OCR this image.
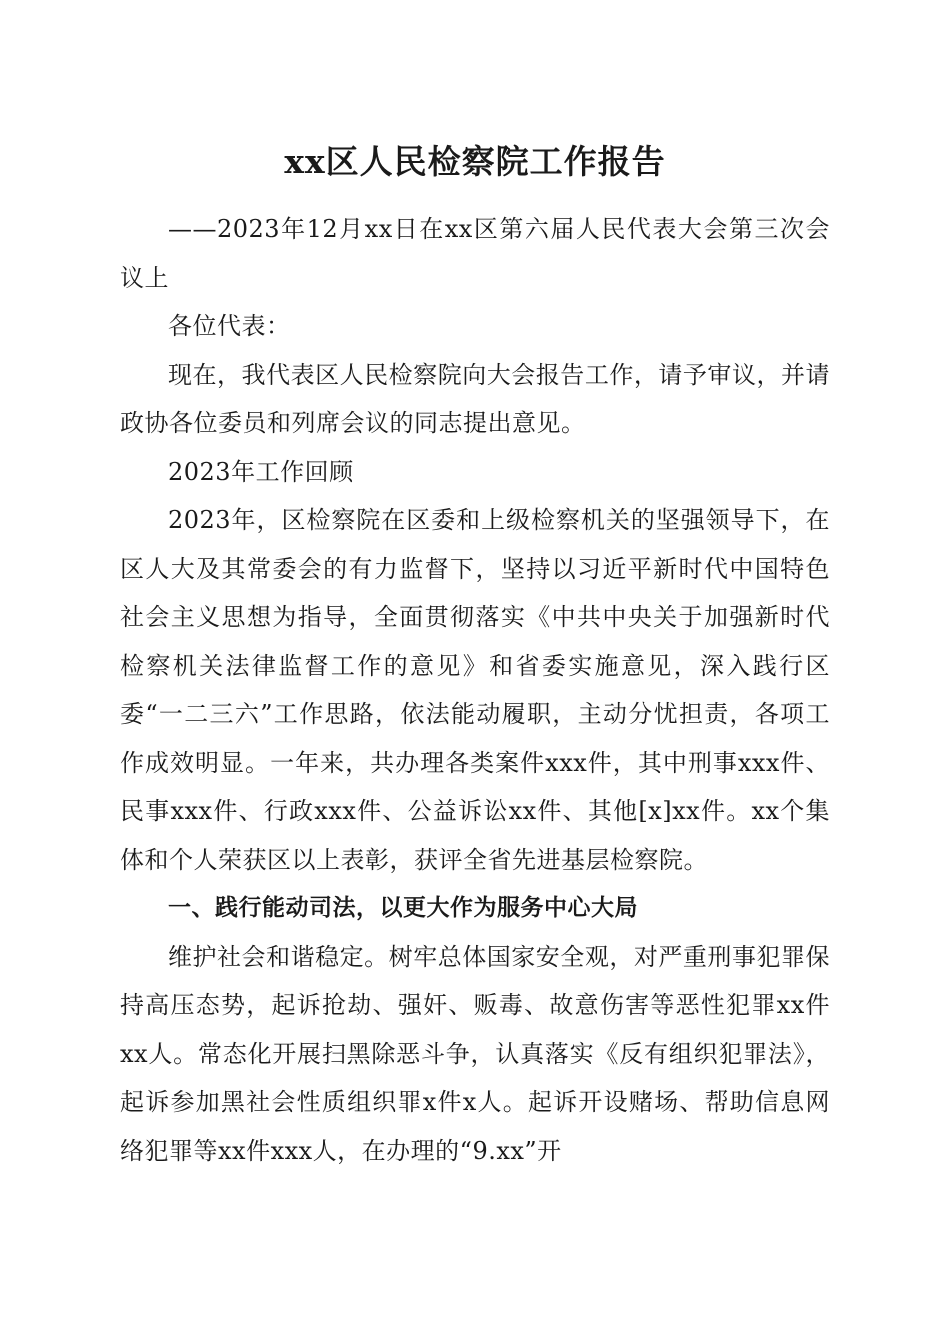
xx区人民检察院工作报告

——2023年12月xx日在xx区第六届人民代表大会第三次会议上

各位代表：

现在，我代表区人民检察院向大会报告工作，请予审议，并请政协各位委员和列席会议的同志提出意见。

2023年工作回顾

2023年，区检察院在区委和上级检察机关的坚强领导下，在区人大及其常委会的有力监督下，坚持以习近平新时代中国特色社会主义思想为指导，全面贯彻落实《中共中央关于加强新时代检察机关法律监督工作的意见》和省委实施意见，深入践行区委“一二三六”工作思路，依法能动履职，主动分忧担责，各项工作成效明显。一年来，共办理各类案件xxx件，其中刑事xxx件、民事xxx件、行政xxx件、公益诉讼xx件、其他[x]xx件。xx个集体和个人荣获区以上表彰，获评全省先进基层检察院。

一、践行能动司法，以更大作为服务中心大局

维护社会和谐稳定。树牢总体国家安全观，对严重刑事犯罪保持高压态势，起诉抢劫、强奸、贩毒、故意伤害等恶性犯罪xx件xx人。常态化开展扫黑除恶斗争，认真落实《反有组织犯罪法》，起诉参加黑社会性质组织罪x件x人。起诉开设赌场、帮助信息网络犯罪等xx件xxx人，在办理的“9.xx”开
